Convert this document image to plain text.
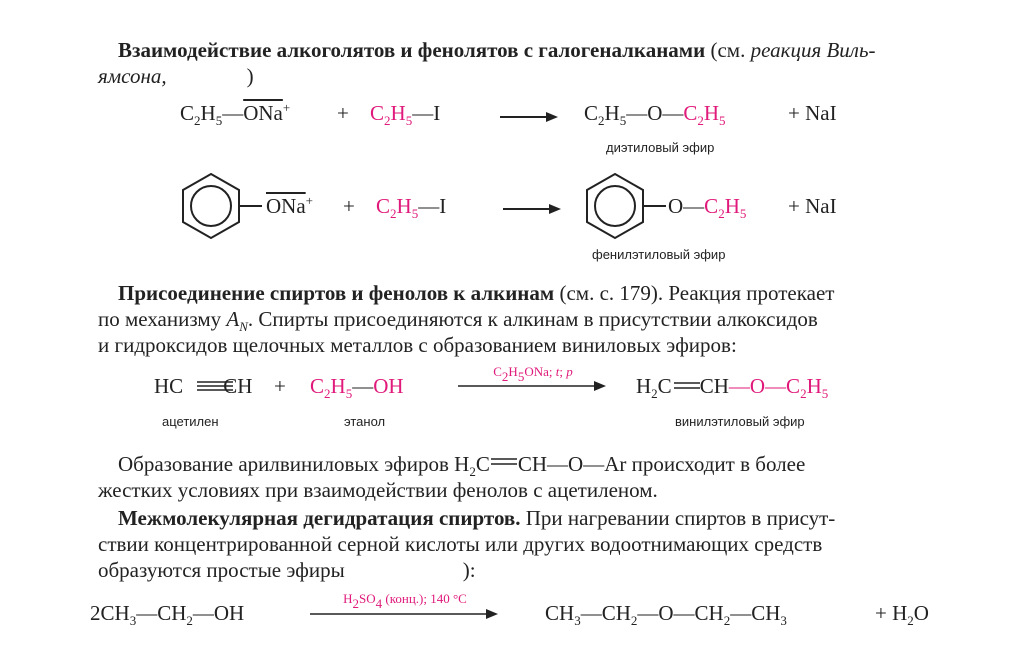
Взаимодействие алкоголятов и фенолятов с галогеналканами (см. реакция Виль-
ямсона,	)
$C_2H_5—\overline{ONa}^+$ + $C_2H_5—I$	$C_2H_5—O—C_2H_5$	+ NaI
диэтиловый эфир
$\overline{ONa}^+$ + $C_2H_5—I$	$O—C_2H_5$ + NaI
фенилэтиловый эфир
Присоединение спиртов и фенолов к алкинам (см. с. 179). Реакция протекает
по механизму $A_N$. Спирты присоединяются к алкинам в присутствии алкоксидов
и гидроксидов щелочных металлов с образованием виниловых эфиров:
HC CH + $C_2H_5—OH$
$C_2H_5ONa$; t; p
$H_2C$ $CH—O—C_2H_5$
ацетилен	этанол	винилэтиловый эфир
Образование арилвиниловых эфиров $H_2C$ CH—O—Ar происходит в более
жестких условиях при взаимодействии фенолов с ацетиленом.
Межмолекулярная дегидратация спиртов. При нагревании спиртов в присут-
ствии концентрированной серной кислоты или других водоотнимающих средств
образуются простые эфиры	):
$2CH_3—CH_2—OH$
$H_2SO_4$ (конц.); 140 °C
$CH_3—CH_2—O—CH_2—CH_3$	+ $H_2O$
